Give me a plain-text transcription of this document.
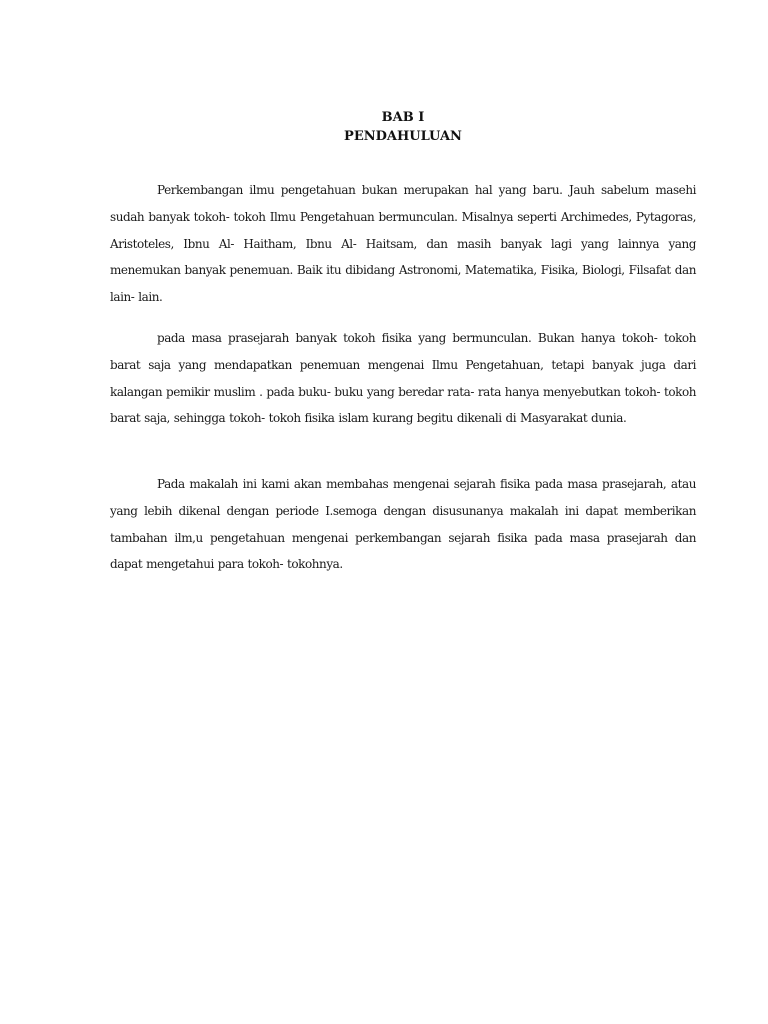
BAB I
PENDAHULUAN

Perkembangan ilmu pengetahuan bukan merupakan hal yang baru. Jauh sabelum masehi sudah banyak tokoh- tokoh Ilmu Pengetahuan bermunculan. Misalnya seperti Archimedes, Pytagoras, Aristoteles, Ibnu Al- Haitham, Ibnu Al- Haitsam, dan masih banyak lagi yang lainnya yang menemukan banyak penemuan. Baik itu dibidang Astronomi, Matematika, Fisika, Biologi, Filsafat dan lain- lain.

pada masa prasejarah banyak tokoh fisika yang bermunculan. Bukan hanya tokoh- tokoh barat saja yang mendapatkan penemuan mengenai Ilmu Pengetahuan, tetapi banyak juga dari kalangan pemikir muslim . pada buku- buku yang beredar rata- rata hanya menyebutkan tokoh- tokoh barat saja, sehingga tokoh- tokoh fisika islam kurang begitu dikenali di Masyarakat dunia.

Pada makalah ini kami akan membahas mengenai sejarah fisika pada masa prasejarah, atau yang lebih dikenal dengan periode I.semoga dengan disusunanya makalah ini dapat memberikan tambahan ilm,u pengetahuan mengenai perkembangan sejarah fisika pada masa prasejarah dan dapat mengetahui para tokoh- tokohnya.
